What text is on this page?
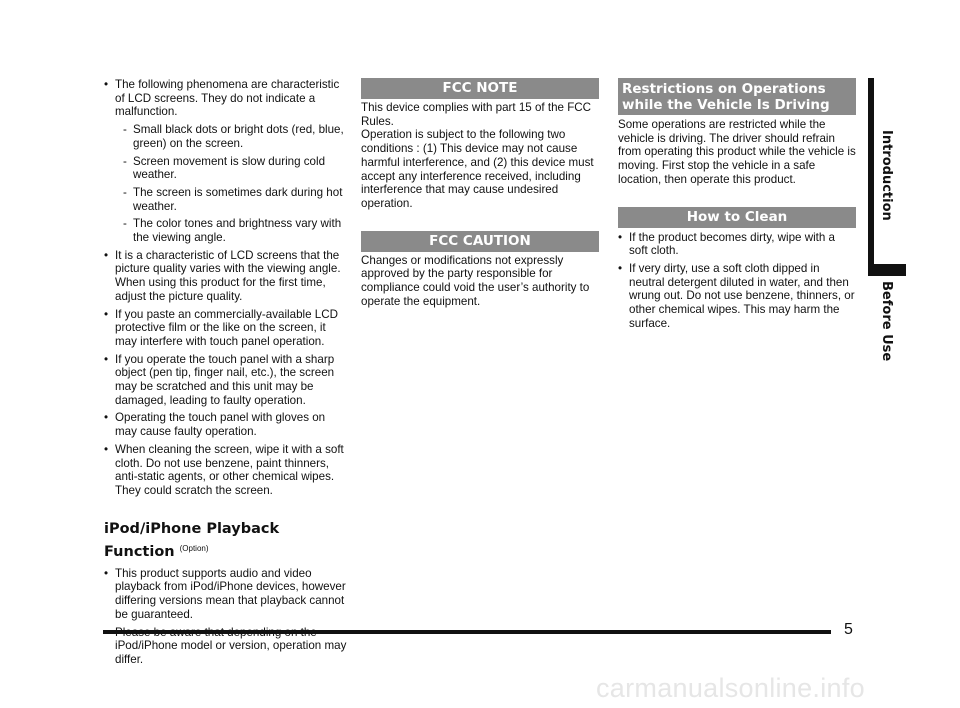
• The following phenomena are characteristic of LCD screens. They do not indicate a malfunction.
- Small black dots or bright dots (red, blue, green) on the screen.
- Screen movement is slow during cold weather.
- The screen is sometimes dark during hot weather.
- The color tones and brightness vary with the viewing angle.
• It is a characteristic of LCD screens that the picture quality varies with the viewing angle. When using this product for the first time, adjust the picture quality.
• If you paste an commercially-available LCD protective film or the like on the screen, it may interfere with touch panel operation.
• If you operate the touch panel with a sharp object (pen tip, finger nail, etc.), the screen may be scratched and this unit may be damaged, leading to faulty operation.
• Operating the touch panel with gloves on may cause faulty operation.
• When cleaning the screen, wipe it with a soft cloth. Do not use benzene, paint thinners, anti-static agents, or other chemical wipes. They could scratch the screen.
iPod/iPhone Playback
Function $^{(Option)}$
• This product supports audio and video playback from iPod/iPhone devices, however differing versions mean that playback cannot be guaranteed.
• iPod/iPhone model or version, operation may differ.
FCC NOTE

This device complies with part 15 of the FCC Rules.

Operation is subject to the following two conditions : (1) This device may not cause harmful interference, and (2) this device must accept any interference received, including interference that may cause undesired operation.

FCC CAUTION

Changes or modifications not expressly approved by the party responsible for compliance could void the user’s authority to operate the equipment.

Restrictions on Operations
while the Vehicle Is Driving

Some operations are restricted while the vehicle is driving. The driver should refrain from operating this product while the vehicle is moving. First stop the vehicle in a safe location, then operate this product.

How to Clean
• If the product becomes dirty, wipe with a soft cloth.
• If very dirty, use a soft cloth dipped in neutral detergent diluted in water, and then wrung out. Do not use benzene, thinners, or other chemical wipes. This may harm the surface.
Introduction
Before Use
5
carmanualsonline.info
